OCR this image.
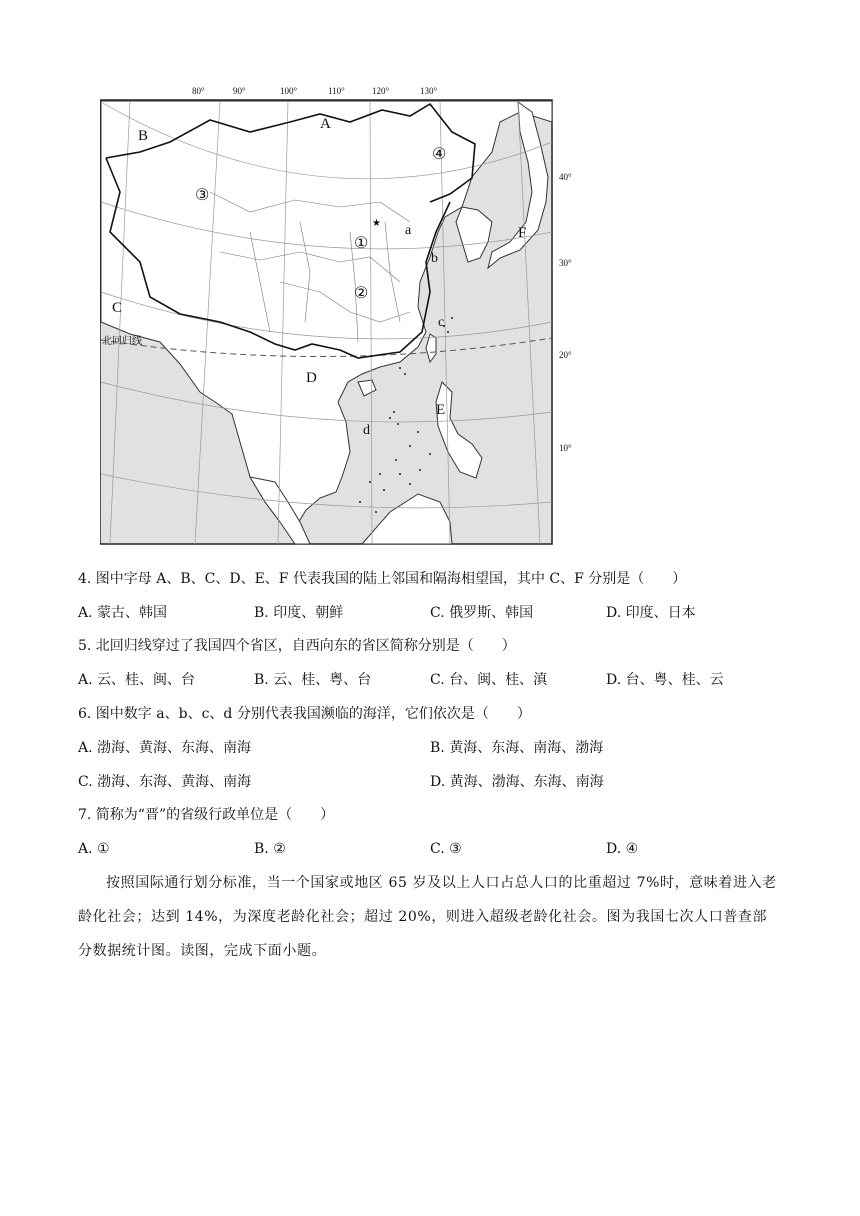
★
80°	90°	100°	110°	120°	130°
40°
30°
20°
10°
北回归线
A
B
C
D
E
F
①
②
③
④
a
b
c
d
4. 图中字母 A、B、C、D、E、F 代表我国的陆上邻国和隔海相望国，其中 C、F 分别是（　　）
A. 蒙古、韩国	B. 印度、朝鲜	C. 俄罗斯、韩国	D. 印度、日本
5. 北回归线穿过了我国四个省区，自西向东的省区简称分别是（　　）
A. 云、桂、闽、台	B. 云、桂、粤、台	C. 台、闽、桂、滇	D. 台、粤、桂、云
6. 图中数字 a、b、c、d 分别代表我国濒临的海洋，它们依次是（　　）
A. 渤海、黄海、东海、南海	B. 黄海、东海、南海、渤海
C. 渤海、东海、黄海、南海	D. 黄海、渤海、东海、南海
7. 简称为“晋”的省级行政单位是（　　）
A. ①	B. ②	C. ③	D. ④
按照国际通行划分标准，当一个国家或地区 65 岁及以上人口占总人口的比重超过 7%时，意味着进入老龄化社会；达到 14%，为深度老龄化社会；超过 20%，则进入超级老龄化社会。图为我国七次人口普查部分数据统计图。读图，完成下面小题。
